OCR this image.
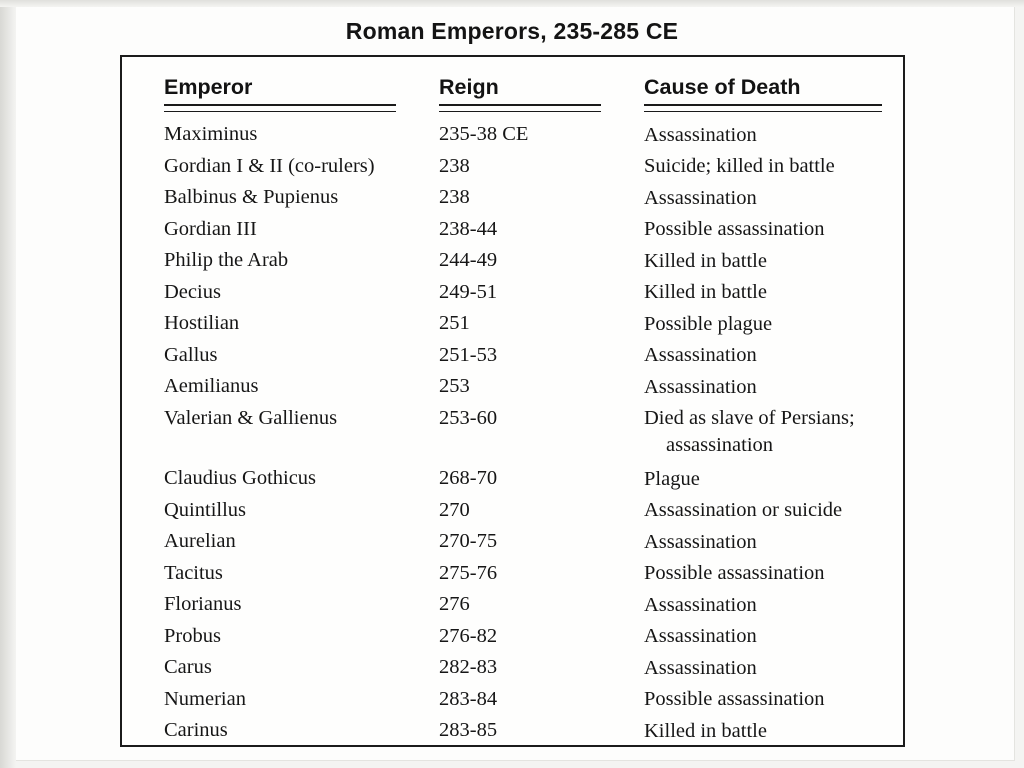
Roman Emperors, 235-285 CE
Emperor	Reign	Cause of Death
Maximinus	235-38 CE	Assassination
Gordian I & II (co-rulers)	238	Suicide; killed in battle
Balbinus & Pupienus	238	Assassination
Gordian III	238-44	Possible assassination
Philip the Arab	244-49	Killed in battle
Decius	249-51	Killed in battle
Hostilian	251	Possible plague
Gallus	251-53	Assassination
Aemilianus	253	Assassination
Valerian & Gallienus	253-60	Died as slave of Persians;
assassination
Claudius Gothicus	268-70	Plague
Quintillus	270	Assassination or suicide
Aurelian	270-75	Assassination
Tacitus	275-76	Possible assassination
Florianus	276	Assassination
Probus	276-82	Assassination
Carus	282-83	Assassination
Numerian	283-84	Possible assassination
Carinus	283-85	Killed in battle
